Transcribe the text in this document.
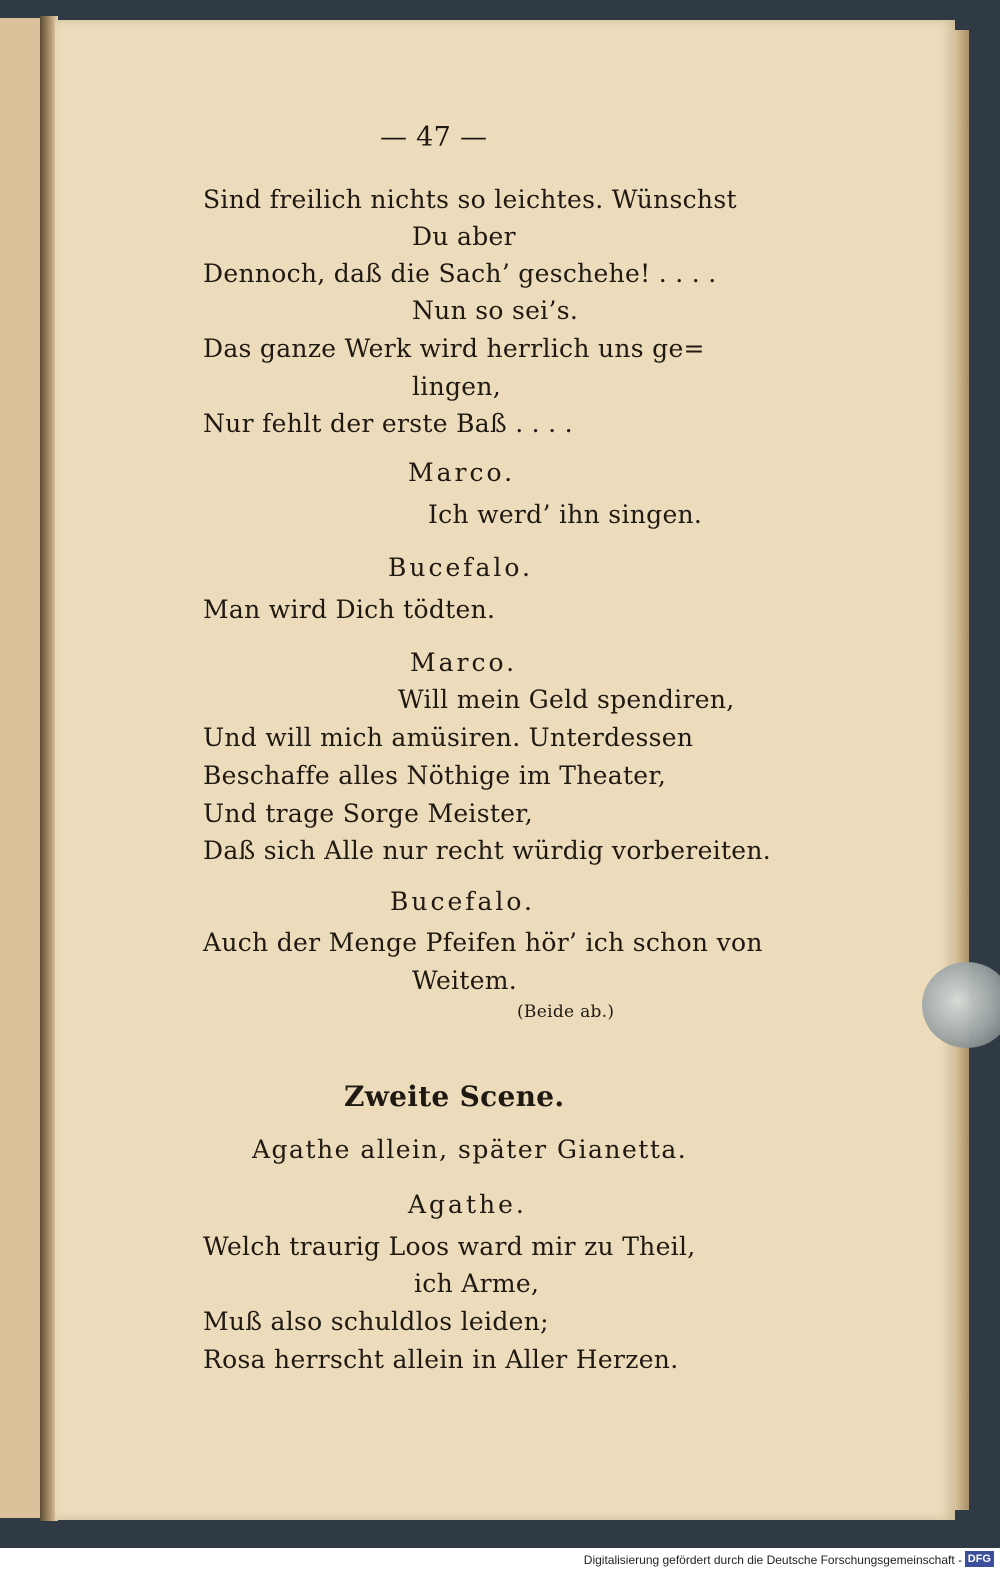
— 47 —
Sind freilich nichts so leichtes. Wünschst
Du aber
Dennoch, daß die Sach’ geschehe! . . . .
Nun so sei’s.
Das ganze Werk wird herrlich uns ge=
lingen,
Nur fehlt der erste Baß . . . .
Marco.
Ich werd’ ihn singen.
Bucefalo.
Man wird Dich tödten.
Marco.
Will mein Geld spendiren,
Und will mich amüsiren. Unterdessen
Beschaffe alles Nöthige im Theater,
Und trage Sorge Meister,
Daß sich Alle nur recht würdig vorbereiten.
Bucefalo.
Auch der Menge Pfeifen hör’ ich schon von
Weitem.
(Beide ab.)
Zweite Scene.
Agathe allein, später Gianetta.
Agathe.
Welch traurig Loos ward mir zu Theil,
ich Arme,
Muß also schuldlos leiden;
Rosa herrscht allein in Aller Herzen.
Digitalisierung gefördert durch die Deutsche Forschungsgemeinschaft - DFG
